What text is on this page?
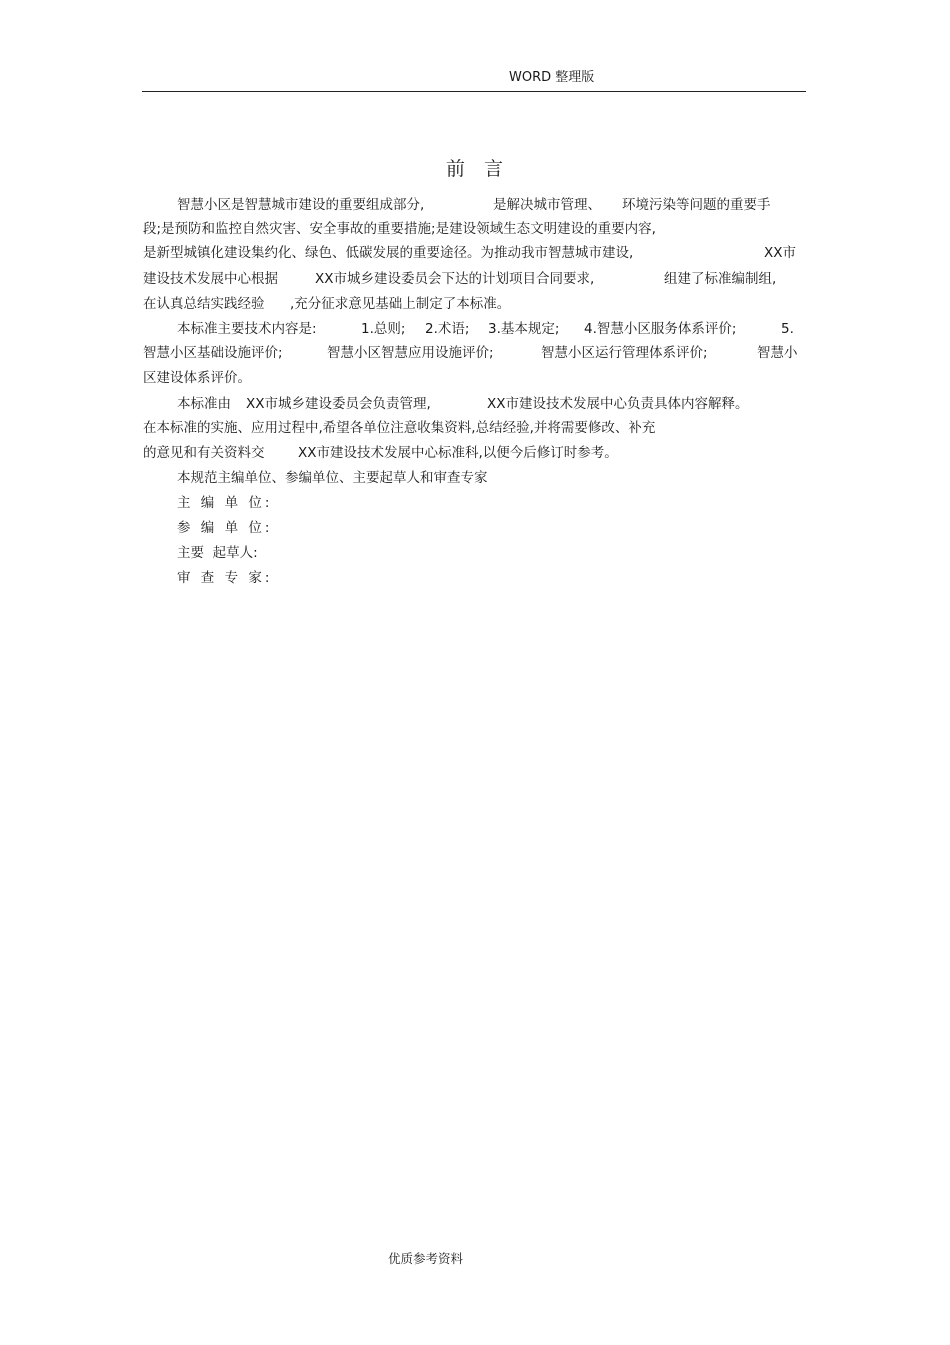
WORD 整理版
前言
智慧小区是智慧城市建设的重要组成部分,	是解决城市管理、 环境污染等问题的重要手
段;是预防和监控自然灾害、安全事故的重要措施;是建设领域生态文明建设的重要内容,
是新型城镇化建设集约化、绿色、低碳发展的重要途径。为推动我市智慧城市建设,	XX市
建设技术发展中心根据	XX市城乡建设委员会下达的计划项目合同要求,	组建了标准编制组,
在认真总结实践经验 ,充分征求意见基础上制定了本标准。
本标准主要技术内容是:	1.总则; 2.术语; 3.基本规定; 4.智慧小区服务体系评价;	5.
智慧小区基础设施评价;	智慧小区智慧应用设施评价;	智慧小区运行管理体系评价;	智慧小
区建设体系评价。
本标准由 XX市城乡建设委员会负责管理,	XX市建设技术发展中心负责具体内容解释。
在本标准的实施、应用过程中,希望各单位注意收集资料,总结经验,并将需要修改、补充
的意见和有关资料交 XX市建设技术发展中心标准科,以便今后修订时参考。
本规范主编单位、参编单位、主要起草人和审查专家
主 编 单 位:
参 编 单 位:
主要  起草人:
审 查 专 家:
优质参考资料
